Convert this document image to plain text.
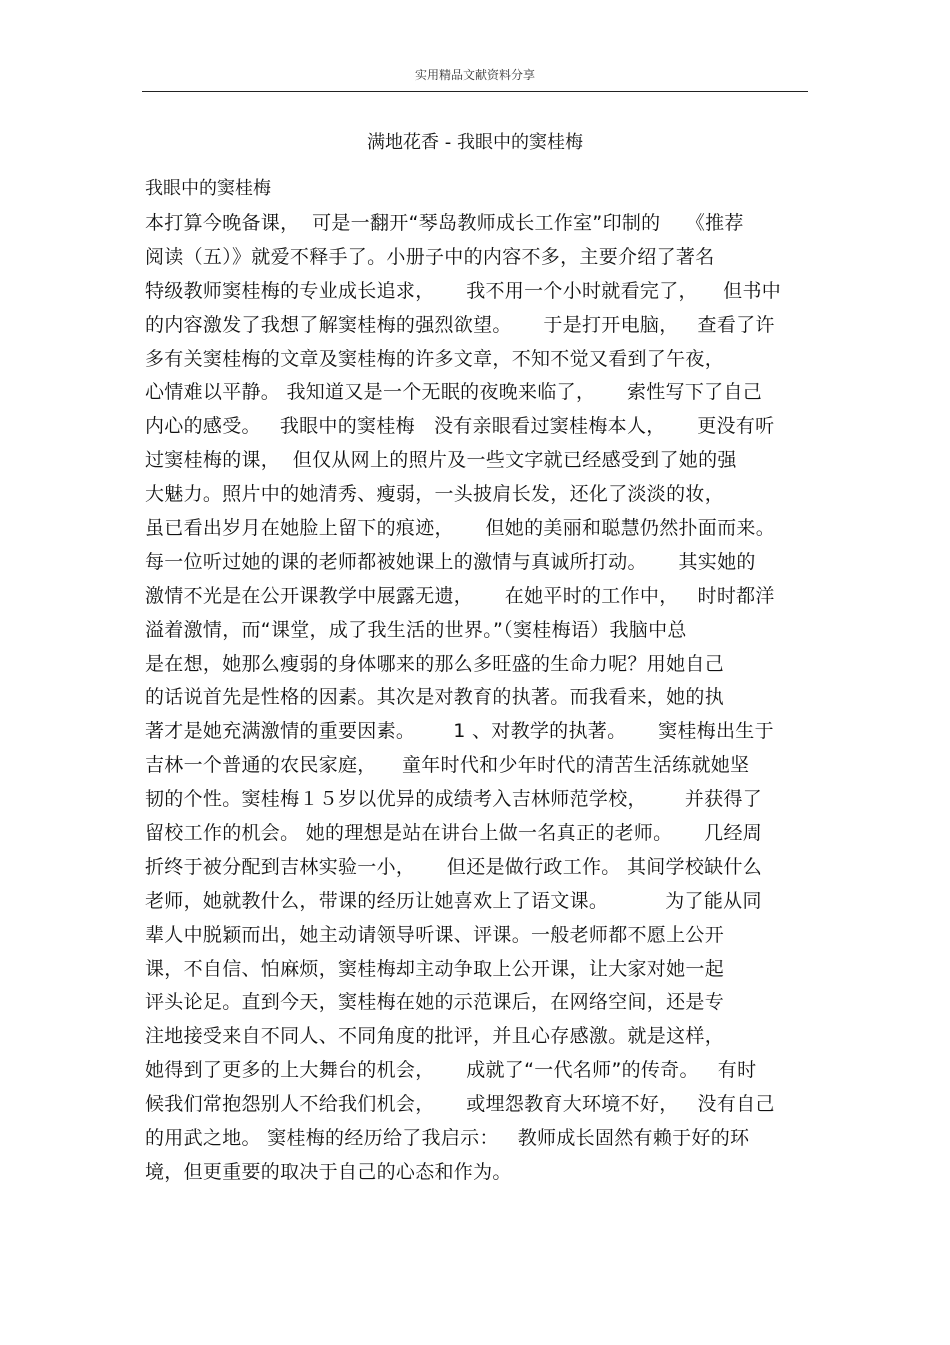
实用精品文献资料分享
满地花香 - 我眼中的窦桂梅
我眼中的窦桂梅
本打算今晚备课，  可是一翻开“琴岛教师成长工作室”印制的    《推荐
阅读（五）》就爱不释手了。小册子中的内容不多，主要介绍了著名
特级教师窦桂梅的专业成长追求，     我不用一个小时就看完了，    但书中
的内容激发了我想了解窦桂梅的强烈欲望。     于是打开电脑，   查看了许
多有关窦桂梅的文章及窦桂梅的许多文章，不知不觉又看到了午夜，
心情难以平静。 我知道又是一个无眠的夜晚来临了，     索性写下了自己
内心的感受。   我眼中的窦桂梅   没有亲眼看过窦桂梅本人，     更没有听
过窦桂梅的课，  但仅从网上的照片及一些文字就已经感受到了她的强
大魅力。照片中的她清秀、瘦弱，一头披肩长发，还化了淡淡的妆，
虽已看出岁月在她脸上留下的痕迹，     但她的美丽和聪慧仍然扑面而来。
每一位听过她的课的老师都被她课上的激情与真诚所打动。     其实她的
激情不光是在公开课教学中展露无遗，     在她平时的工作中，   时时都洋
溢着激情，而“课堂，成了我生活的世界。”（窦桂梅语）我脑中总
是在想，她那么瘦弱的身体哪来的那么多旺盛的生命力呢？用她自己
的话说首先是性格的因素。其次是对教育的执著。而我看来，她的执
著才是她充满激情的重要因素。      1 、对教学的执著。     窦桂梅出生于
吉林一个普通的农民家庭，    童年时代和少年时代的清苦生活练就她坚
韧的个性。窦桂梅１５岁以优异的成绩考入吉林师范学校，      并获得了
留校工作的机会。 她的理想是站在讲台上做一名真正的老师。     几经周
折终于被分配到吉林实验一小，     但还是做行政工作。 其间学校缺什么
老师，她就教什么，带课的经历让她喜欢上了语文课。         为了能从同
辈人中脱颖而出，她主动请领导听课、评课。一般老师都不愿上公开
课，不自信、怕麻烦，窦桂梅却主动争取上公开课，让大家对她一起
评头论足。直到今天，窦桂梅在她的示范课后，在网络空间，还是专
注地接受来自不同人、不同角度的批评，并且心存感激。就是这样，
她得到了更多的上大舞台的机会，     成就了“一代名师”的传奇。   有时
候我们常抱怨别人不给我们机会，     或埋怨教育大环境不好，   没有自己
的用武之地。 窦桂梅的经历给了我启示：   教师成长固然有赖于好的环
境，但更重要的取决于自己的心态和作为。
